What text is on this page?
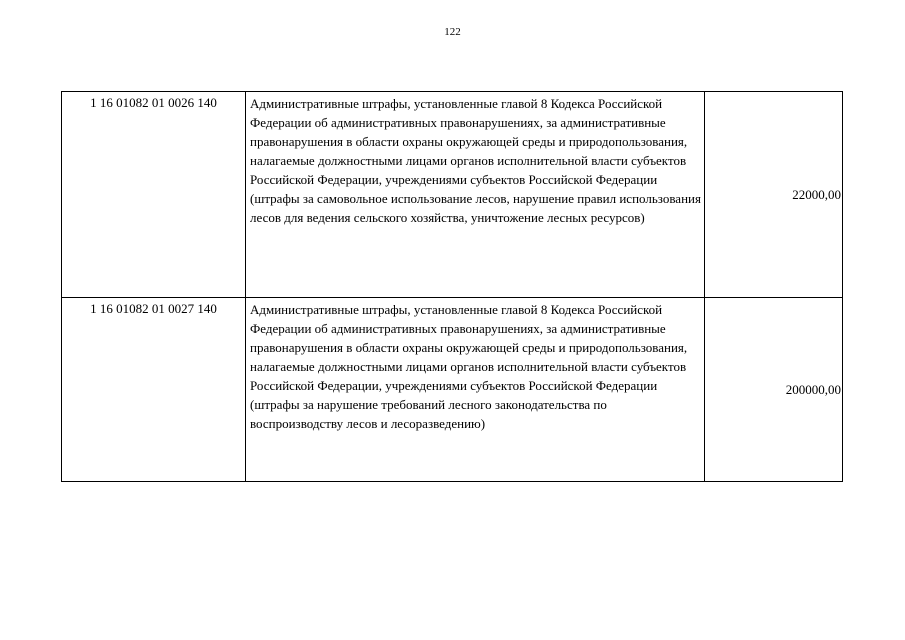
122
1 16 01082 01 0026 140	Административные штрафы, установленные главой 8 Кодекса Российской Федерации об административных правонарушениях, за административные правонарушения в области охраны окружающей среды и природопользования, налагаемые должностными лицами органов исполнительной власти субъектов Российской Федерации, учреждениями субъектов Российской Федерации (штрафы за самовольное использование лесов, нарушение правил использования лесов для ведения сельского хозяйства, уничтожение лесных ресурсов)	22000,00
1 16 01082 01 0027 140	Административные штрафы, установленные главой 8 Кодекса Российской Федерации об административных правонарушениях, за административные правонарушения в области охраны окружающей среды и природопользования, налагаемые должностными лицами органов исполнительной власти субъектов Российской Федерации, учреждениями субъектов Российской Федерации (штрафы за нарушение требований лесного законодательства по воспроизводству лесов и лесоразведению)	200000,00
